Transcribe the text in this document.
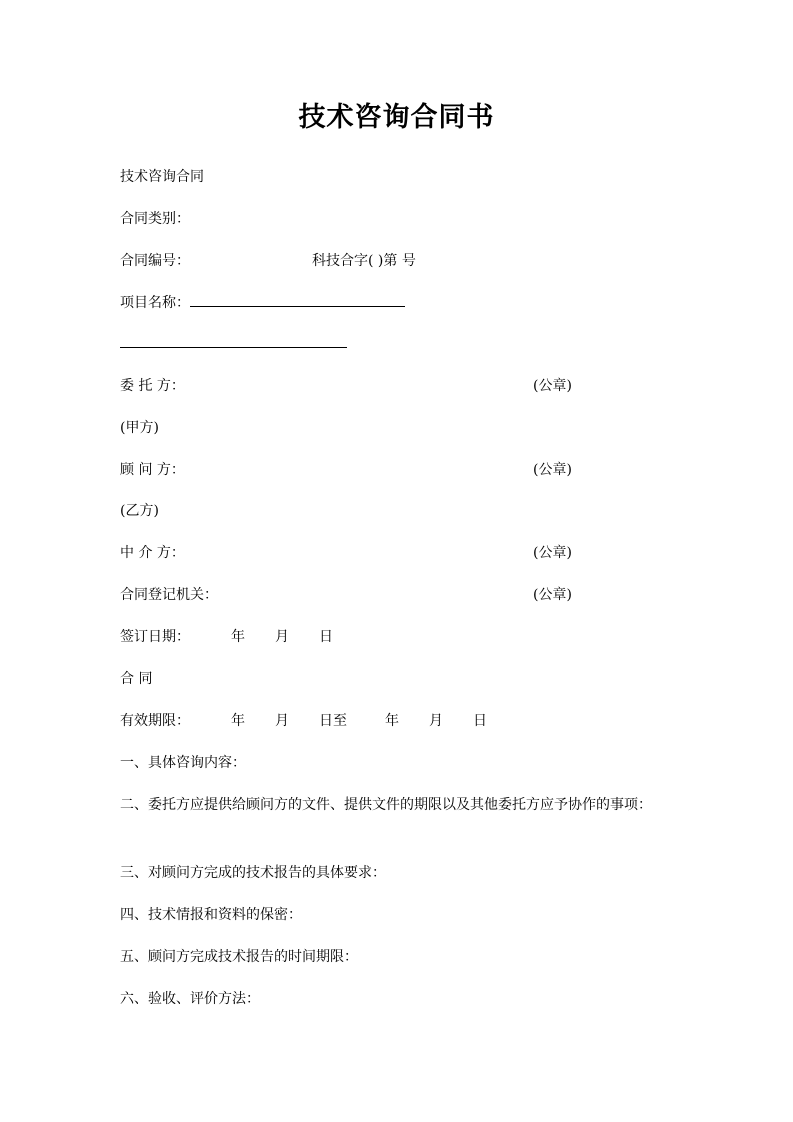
技术咨询合同书
技术咨询合同
合同类别：
合同编号：	科技合字( )第 号
项目名称：
委 托 方：	(公章)
(甲方)
顾 问 方：	(公章)
(乙方)
中 介 方：	(公章)
合同登记机关：	(公章)
签订日期：	年 月 日
合 同
有效期限：	年 月 日至	年 月 日
一、具体咨询内容：
二、委托方应提供给顾问方的文件、提供文件的期限以及其他委托方应予协作的事项：
三、对顾问方完成的技术报告的具体要求：
四、技术情报和资料的保密：
五、顾问方完成技术报告的时间期限：
六、验收、评价方法：
